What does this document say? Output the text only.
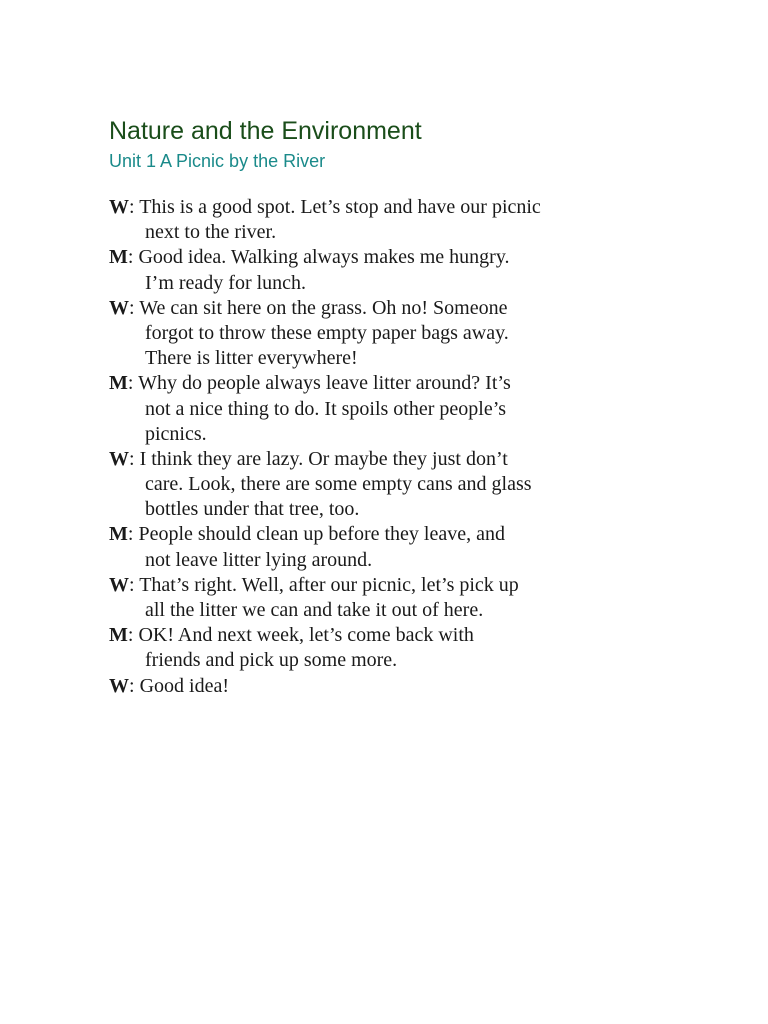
Nature and the Environment
Unit 1 A Picnic by the River
W: This is a good spot. Let’s stop and have our picnic
next to the river.
M: Good idea. Walking always makes me hungry.
I’m ready for lunch.
W: We can sit here on the grass. Oh no! Someone
forgot to throw these empty paper bags away.
There is litter everywhere!
M: Why do people always leave litter around? It’s
not a nice thing to do. It spoils other people’s
picnics.
W: I think they are lazy. Or maybe they just don’t
care. Look, there are some empty cans and glass
bottles under that tree, too.
M: People should clean up before they leave, and
not leave litter lying around.
W: That’s right. Well, after our picnic, let’s pick up
all the litter we can and take it out of here.
M: OK! And next week, let’s come back with
friends and pick up some more.
W: Good idea!
